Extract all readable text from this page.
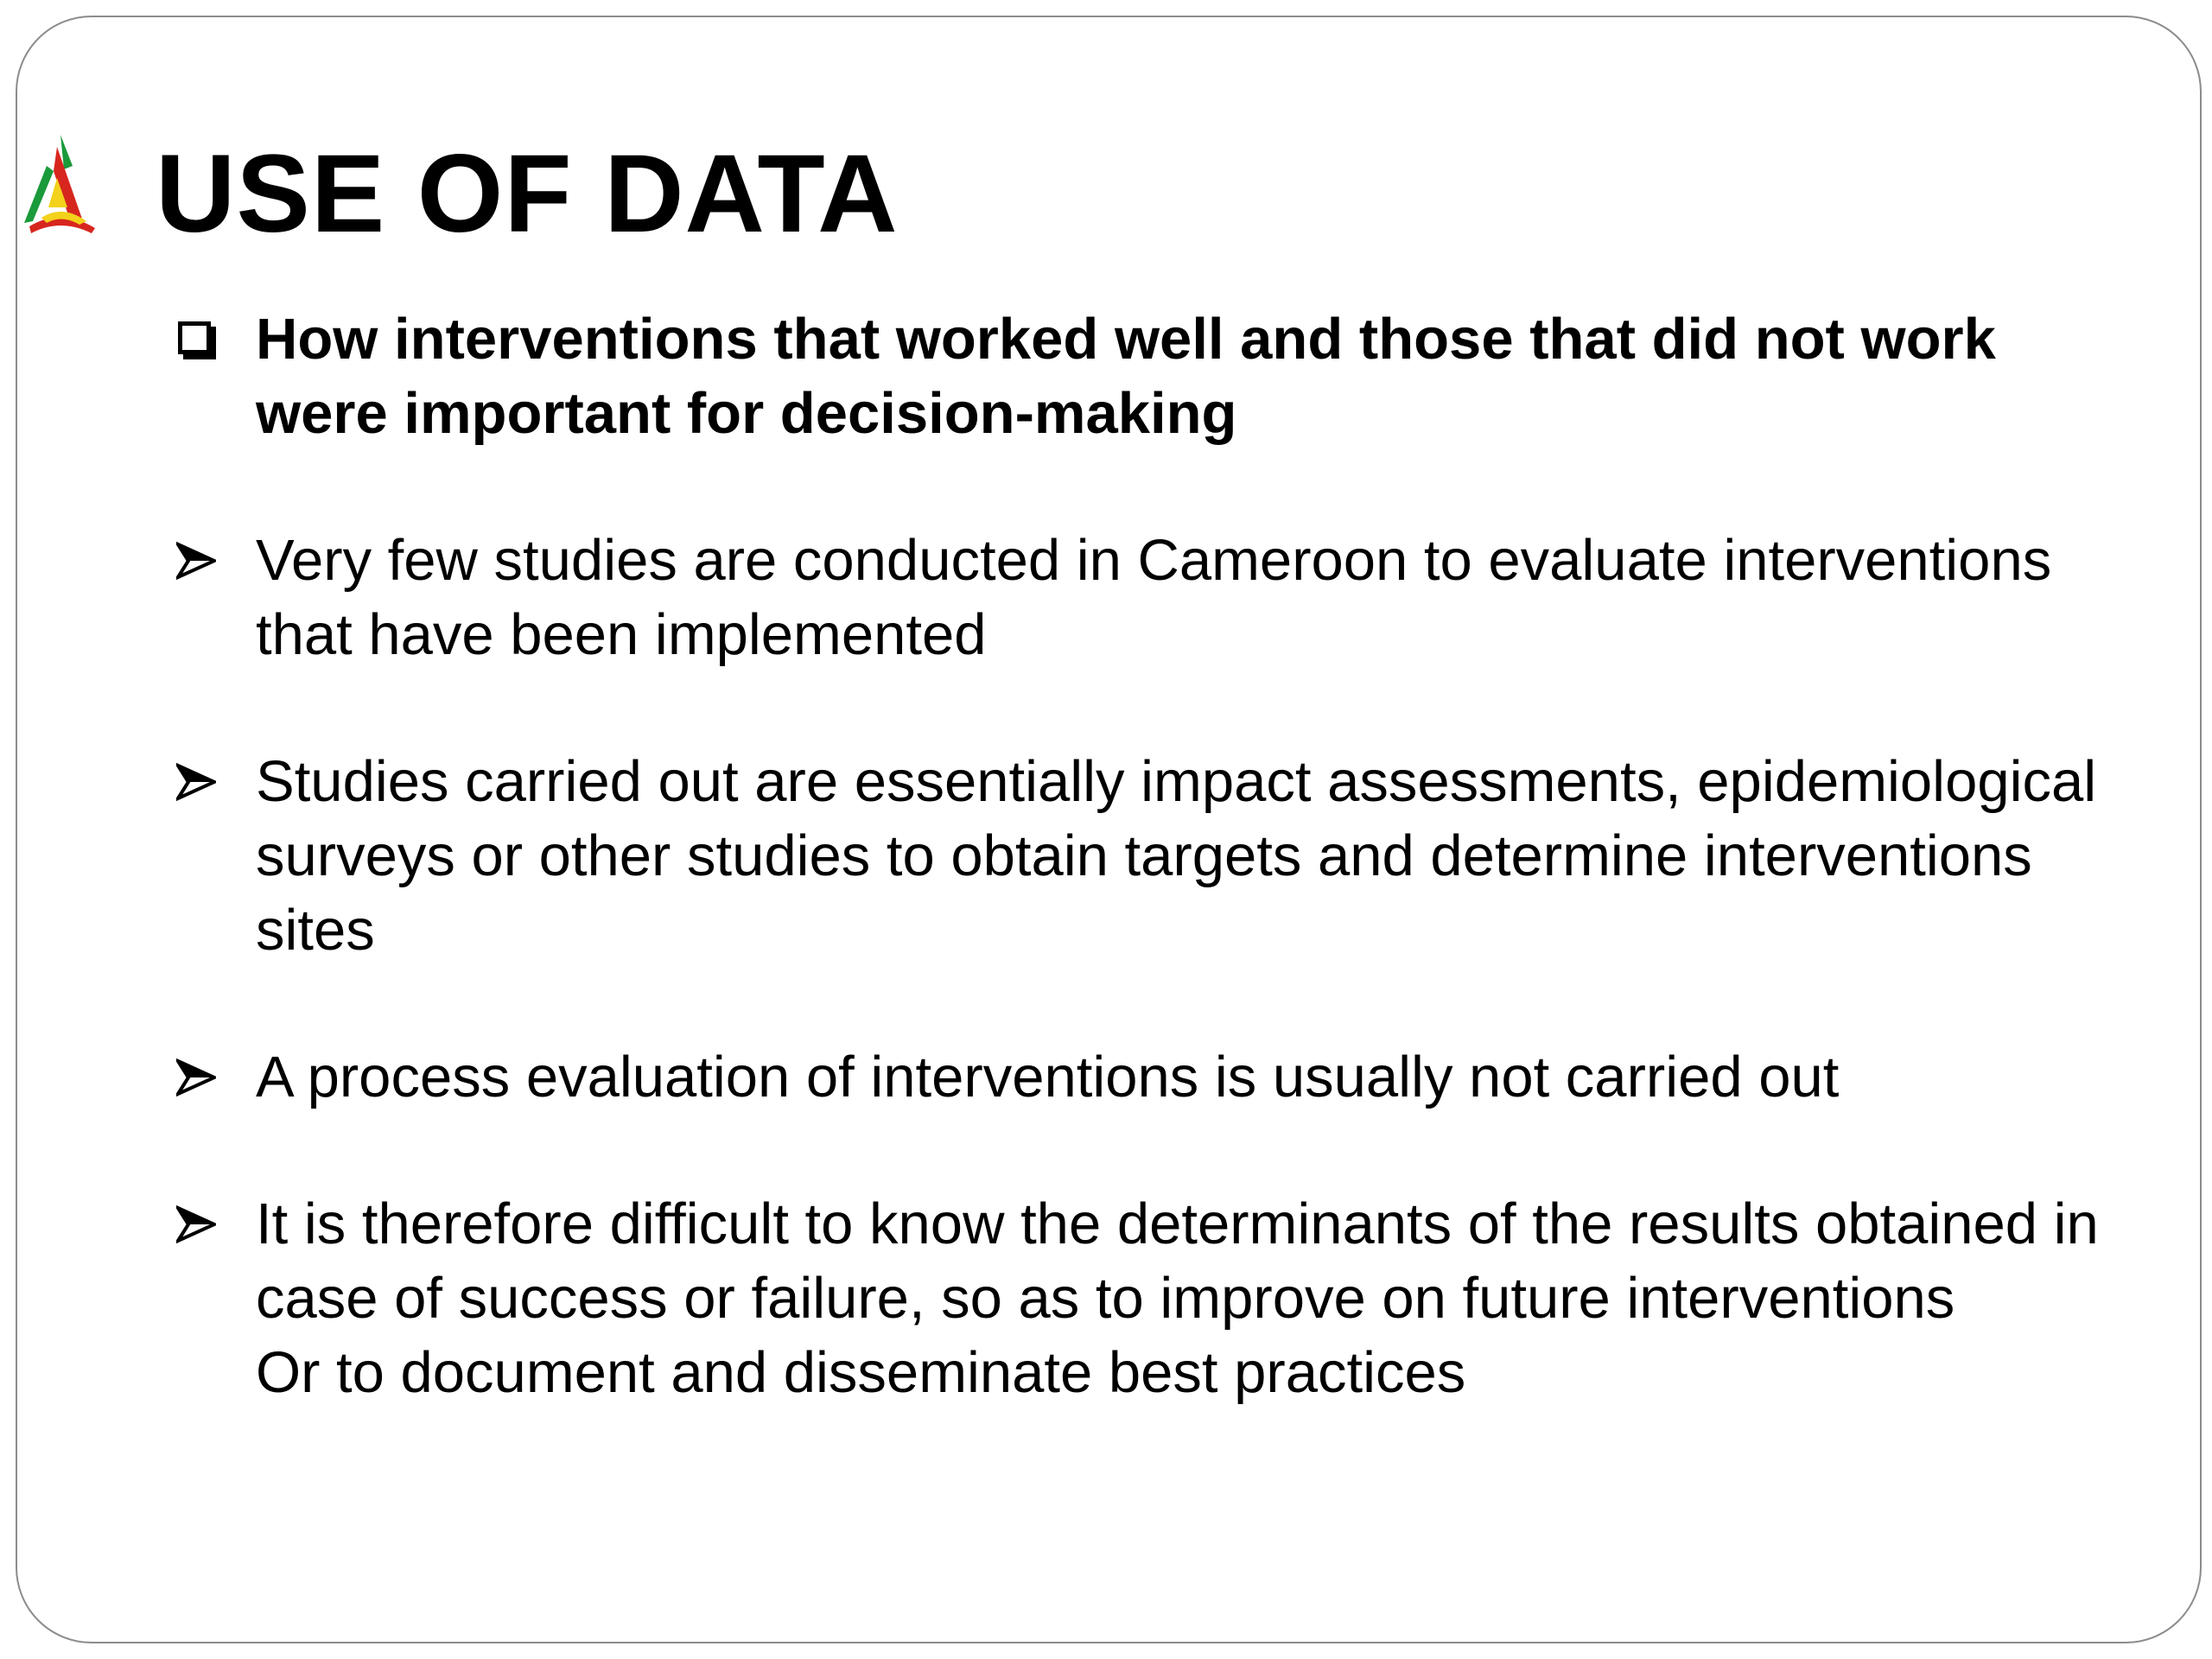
USE OF DATA

How interventions that worked well and those that did not work were important for decision-making

Very few studies are conducted in Cameroon to evaluate interventions that have been implemented

Studies carried out are essentially impact assessments, epidemiological surveys or other studies to obtain targets and determine interventions sites

A process evaluation of interventions is usually not carried out

It is therefore difficult to know the determinants of the results obtained in case of success or failure, so as to improve on future interventions

Or to document and disseminate best practices
